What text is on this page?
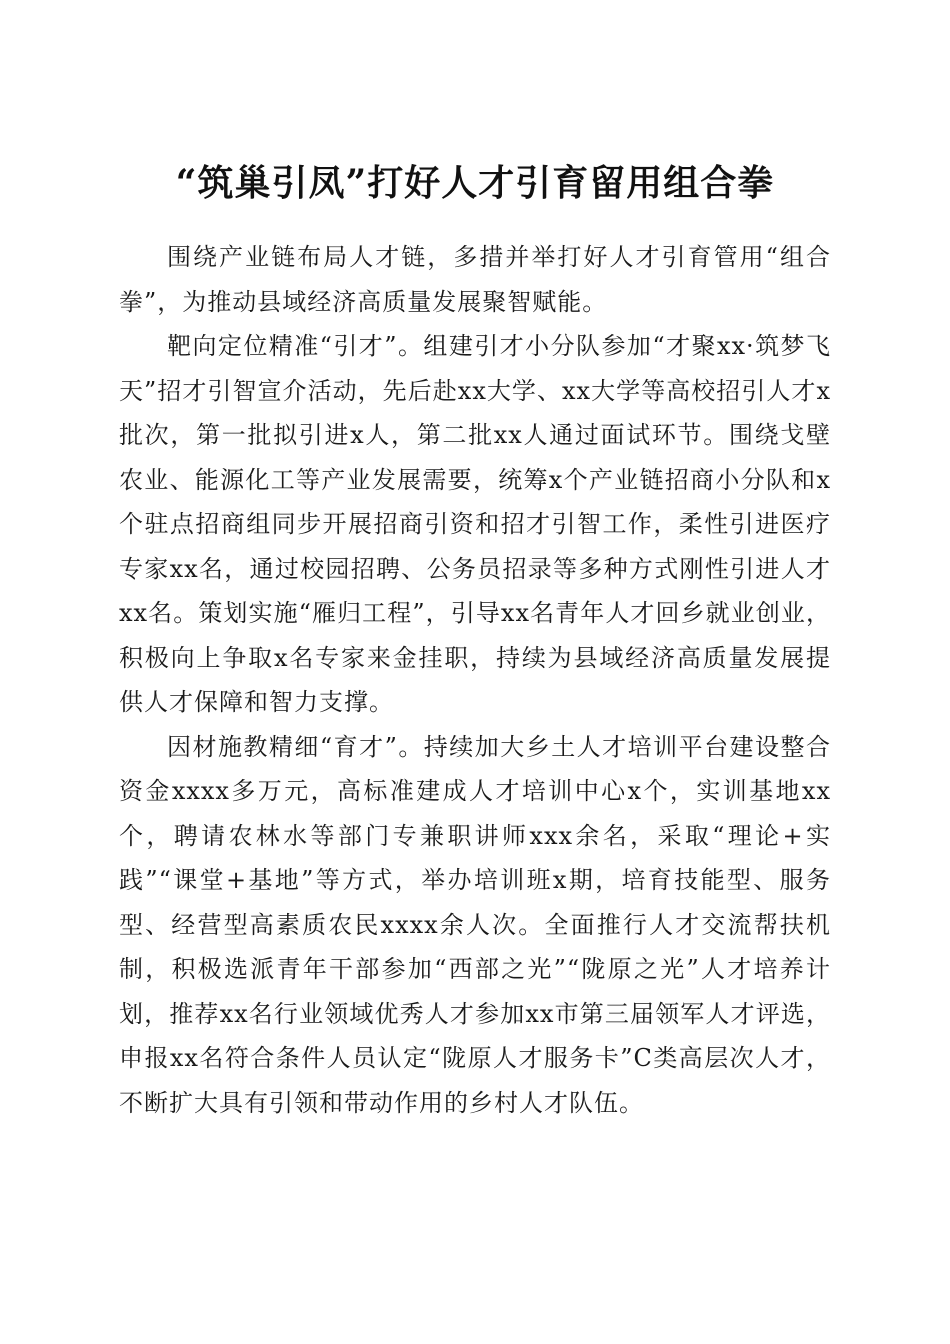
“筑巢引凤”打好人才引育留用组合拳

围绕产业链布局人才链，多措并举打好人才引育管用“组合拳”，为推动县域经济高质量发展聚智赋能。

靶向定位精准“引才”。组建引才小分队参加“才聚xx·筑梦飞天”招才引智宣介活动，先后赴xx大学、xx大学等高校招引人才x批次，第一批拟引进x人，第二批xx人通过面试环节。围绕戈壁农业、能源化工等产业发展需要，统筹x个产业链招商小分队和x个驻点招商组同步开展招商引资和招才引智工作，柔性引进医疗专家xx名，通过校园招聘、公务员招录等多种方式刚性引进人才xx名。策划实施“雁归工程”，引导xx名青年人才回乡就业创业，积极向上争取x名专家来金挂职，持续为县域经济高质量发展提供人才保障和智力支撑。

因材施教精细“育才”。持续加大乡土人才培训平台建设整合资金xxxx多万元，高标准建成人才培训中心x个，实训基地xx个，聘请农林水等部门专兼职讲师xxx余名，采取“理论+实践”“课堂+基地”等方式，举办培训班x期，培育技能型、服务型、经营型高素质农民xxxx余人次。全面推行人才交流帮扶机制，积极选派青年干部参加“西部之光”“陇原之光”人才培养计划，推荐xx名行业领域优秀人才参加xx市第三届领军人才评选，申报xx名符合条件人员认定“陇原人才服务卡”C类高层次人才，不断扩大具有引领和带动作用的乡村人才队伍。
